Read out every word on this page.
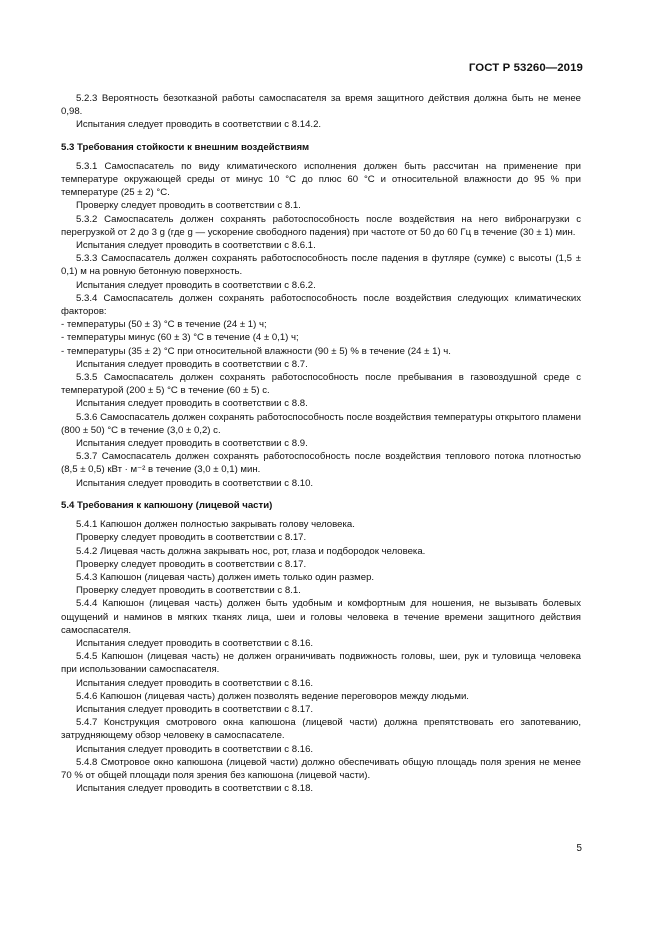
ГОСТ Р 53260—2019

5.2.3 Вероятность безотказной работы самоспасателя за время защитного действия должна быть не менее 0,98.

Испытания следует проводить в соответствии с 8.14.2.

5.3 Требования стойкости к внешним воздействиям

5.3.1 Самоспасатель по виду климатического исполнения должен быть рассчитан на применение при температуре окружающей среды от минус 10 °С до плюс 60 °С и относительной влажности до 95 % при температуре (25 ± 2) °С.

Проверку следует проводить в соответствии с 8.1.

5.3.2 Самоспасатель должен сохранять работоспособность после воздействия на него вибронагрузки с перегрузкой от 2 до 3 g (где g — ускорение свободного падения) при частоте от 50 до 60 Гц в течение (30 ± 1) мин.

Испытания следует проводить в соответствии с 8.6.1.

5.3.3 Самоспасатель должен сохранять работоспособность после падения в футляре (сумке) с высоты (1,5 ± 0,1) м на ровную бетонную поверхность.

Испытания следует проводить в соответствии с 8.6.2.

5.3.4 Самоспасатель должен сохранять работоспособность после воздействия следующих климатических факторов:

- температуры (50 ± 3) °С в течение (24 ± 1) ч;

- температуры минус (60 ± 3) °С в течение (4 ± 0,1) ч;

- температуры (35 ± 2) °С при относительной влажности (90 ± 5) % в течение (24 ± 1) ч.

Испытания следует проводить в соответствии с 8.7.

5.3.5 Самоспасатель должен сохранять работоспособность после пребывания в газовоздушной среде с температурой (200 ± 5) °С в течение (60 ± 5) с.

Испытания следует проводить в соответствии с 8.8.

5.3.6 Самоспасатель должен сохранять работоспособность после воздействия температуры открытого пламени (800 ± 50) °С в течение (3,0 ± 0,2) с.

Испытания следует проводить в соответствии с 8.9.

5.3.7 Самоспасатель должен сохранять работоспособность после воздействия теплового потока плотностью (8,5 ± 0,5) кВт · м⁻² в течение (3,0 ± 0,1) мин.

Испытания следует проводить в соответствии с 8.10.

5.4 Требования к капюшону (лицевой части)

5.4.1 Капюшон должен полностью закрывать голову человека.

Проверку следует проводить в соответствии с 8.17.

5.4.2 Лицевая часть должна закрывать нос, рот, глаза и подбородок человека.

Проверку следует проводить в соответствии с 8.17.

5.4.3 Капюшон (лицевая часть) должен иметь только один размер.

Проверку следует проводить в соответствии с 8.1.

5.4.4 Капюшон (лицевая часть) должен быть удобным и комфортным для ношения, не вызывать болевых ощущений и наминов в мягких тканях лица, шеи и головы человека в течение времени защитного действия самоспасателя.

Испытания следует проводить в соответствии с 8.16.

5.4.5 Капюшон (лицевая часть) не должен ограничивать подвижность головы, шеи, рук и туловища человека при использовании самоспасателя.

Испытания следует проводить в соответствии с 8.16.

5.4.6 Капюшон (лицевая часть) должен позволять ведение переговоров между людьми.

Испытания следует проводить в соответствии с 8.17.

5.4.7 Конструкция смотрового окна капюшона (лицевой части) должна препятствовать его запотеванию, затрудняющему обзор человеку в самоспасателе.

Испытания следует проводить в соответствии с 8.16.

5.4.8 Смотровое окно капюшона (лицевой части) должно обеспечивать общую площадь поля зрения не менее 70 % от общей площади поля зрения без капюшона (лицевой части).

Испытания следует проводить в соответствии с 8.18.

5
